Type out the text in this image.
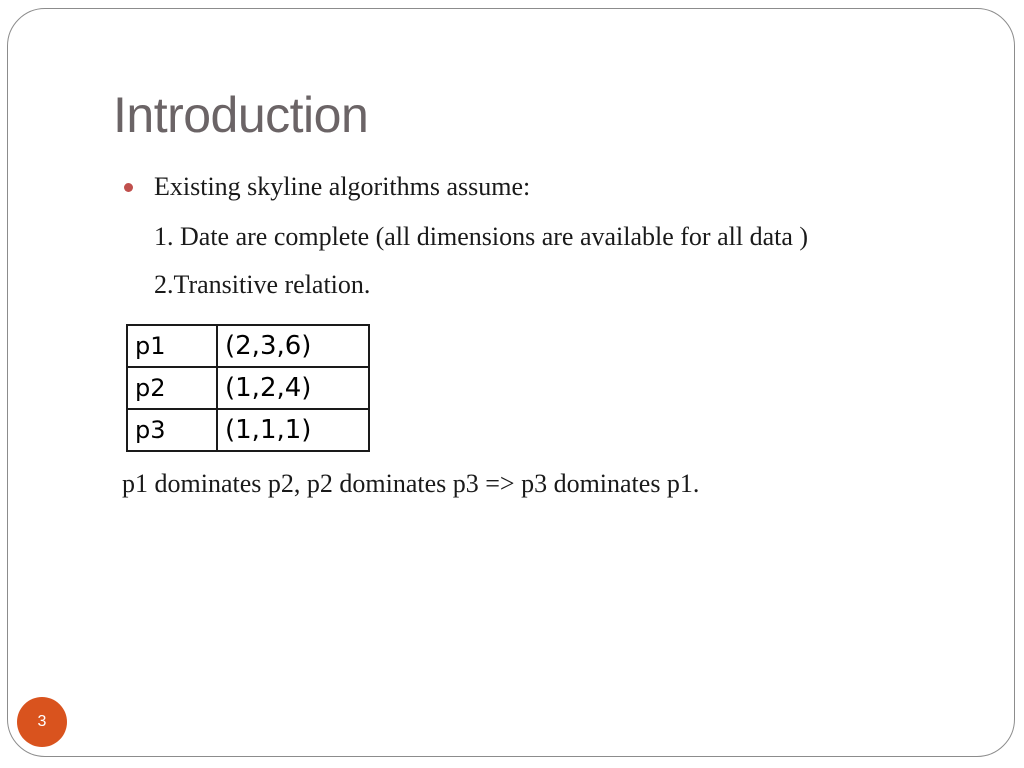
Introduction
Existing skyline algorithms assume:
1. Date are complete (all dimensions are available for all data )
2.Transitive relation.
p1	(2,3,6)
p2	(1,2,4)
p3	(1,1,1)
p1 dominates p2, p2 dominates p3 => p3 dominates p1.
3
